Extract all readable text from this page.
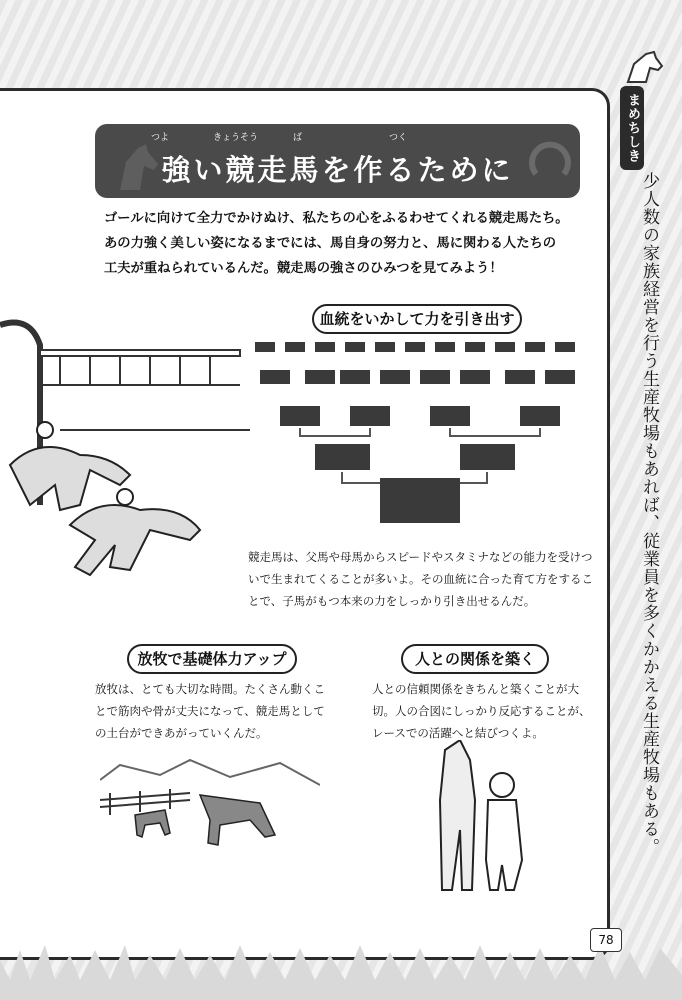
つよ	きょうそう	ば	つく
強い競走馬を作るために

ゴールに向けて全力でかけぬけ、私たちの心をふるわせてくれる競走馬たち。

あの力強く美しい姿になるまでには、馬自身の努力と、馬に関わる人たちの

工夫が重ねられているんだ。競走馬の強さのひみつを見てみよう！

血統をいかして力を引き出す

競走馬は、父馬や母馬からスピードやスタミナなどの能力を受けつ

いで生まれてくることが多いよ。その血統に合った育て方をするこ

とで、子馬がもつ本来の力をしっかり引き出せるんだ。

放牧で基礎体力アップ

放牧は、とても大切な時間。たくさん動くこ

とで筋肉や骨が丈夫になって、競走馬として

の土台ができあがっていくんだ。

人との関係を築く

人との信頼関係をきちんと築くことが大

切。人の合図にしっかり反応することが、

レースでの活躍へと結びつくよ。

まめちしき
少人数の家族経営を行う生産牧場もあれば、従業員を多くかかえる生産牧場もある。
78
